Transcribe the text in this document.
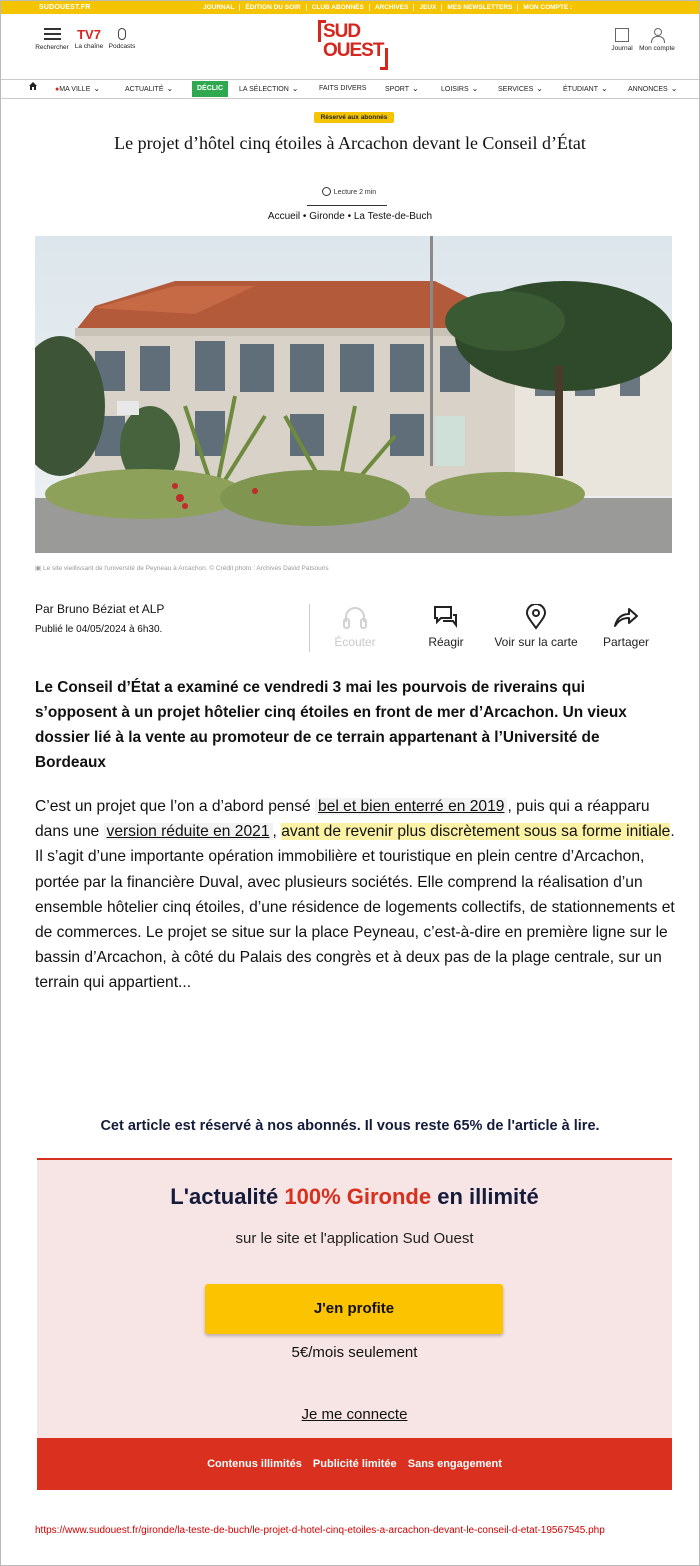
SUDOUEST.FR	JOURNAL	ÉDITION DU SOIR	CLUB ABONNÉS	ARCHIVES	JEUX	MES NEWSLETTERS	MON COMPTE :
Rechercher
TV7
La chaîne Podcasts
SUD
OUEST	Journal Mon compte
●MA VILLE ⌄	ACTUALITÉ ⌄	DÉCLIC	LA SÉLECTION ⌄	FAITS DIVERS	SPORT ⌄	LOISIRS ⌄	SERVICES ⌄	ÉTUDIANT ⌄	ANNONCES ⌄
Réservé aux abonnés
Le projet d’hôtel cinq étoiles à Arcachon devant le Conseil d’État
Lecture 2 min
Accueil • Gironde • La Teste-de-Buch
▣ Le site vieillissant de l'université de Peyneau à Arcachon. © Crédit photo : Archives David Patsouris
Par Bruno Béziat et ALP
Publié le 04/05/2024 à 6h30.
Écouter	Réagir	Voir sur la carte	Partager

Le Conseil d’État a examiné ce vendredi 3 mai les pourvois de riverains qui s’opposent à un projet hôtelier cinq étoiles en front de mer d’Arcachon. Un vieux dossier lié à la vente au promoteur de ce terrain appartenant à l’Université de Bordeaux

C’est un projet que l’on a d’abord pensé bel et bien enterré en 2019 , puis qui a réapparu dans une version réduite en 2021 , avant de revenir plus discrètement sous sa forme initiale. Il s’agit d’une importante opération immobilière et touristique en plein centre d’Arcachon, portée par la financière Duval, avec plusieurs sociétés. Elle comprend la réalisation d’un ensemble hôtelier cinq étoiles, d’une résidence de logements collectifs, de stationnements et de commerces. Le projet se situe sur la place Peyneau, c’est-à-dire en première ligne sur le bassin d’Arcachon, à côté du Palais des congrès et à deux pas de la plage centrale, sur un terrain qui appartient...

Cet article est réservé à nos abonnés. Il vous reste 65% de l'article à lire.
L'actualité 100% Gironde en illimité
sur le site et l'application Sud Ouest
J'en profite
5€/mois seulement
Je me connecte
Contenus illimités Publicité limitée Sans engagement
https://www.sudouest.fr/gironde/la-teste-de-buch/le-projet-d-hotel-cinq-etoiles-a-arcachon-devant-le-conseil-d-etat-19567545.php
